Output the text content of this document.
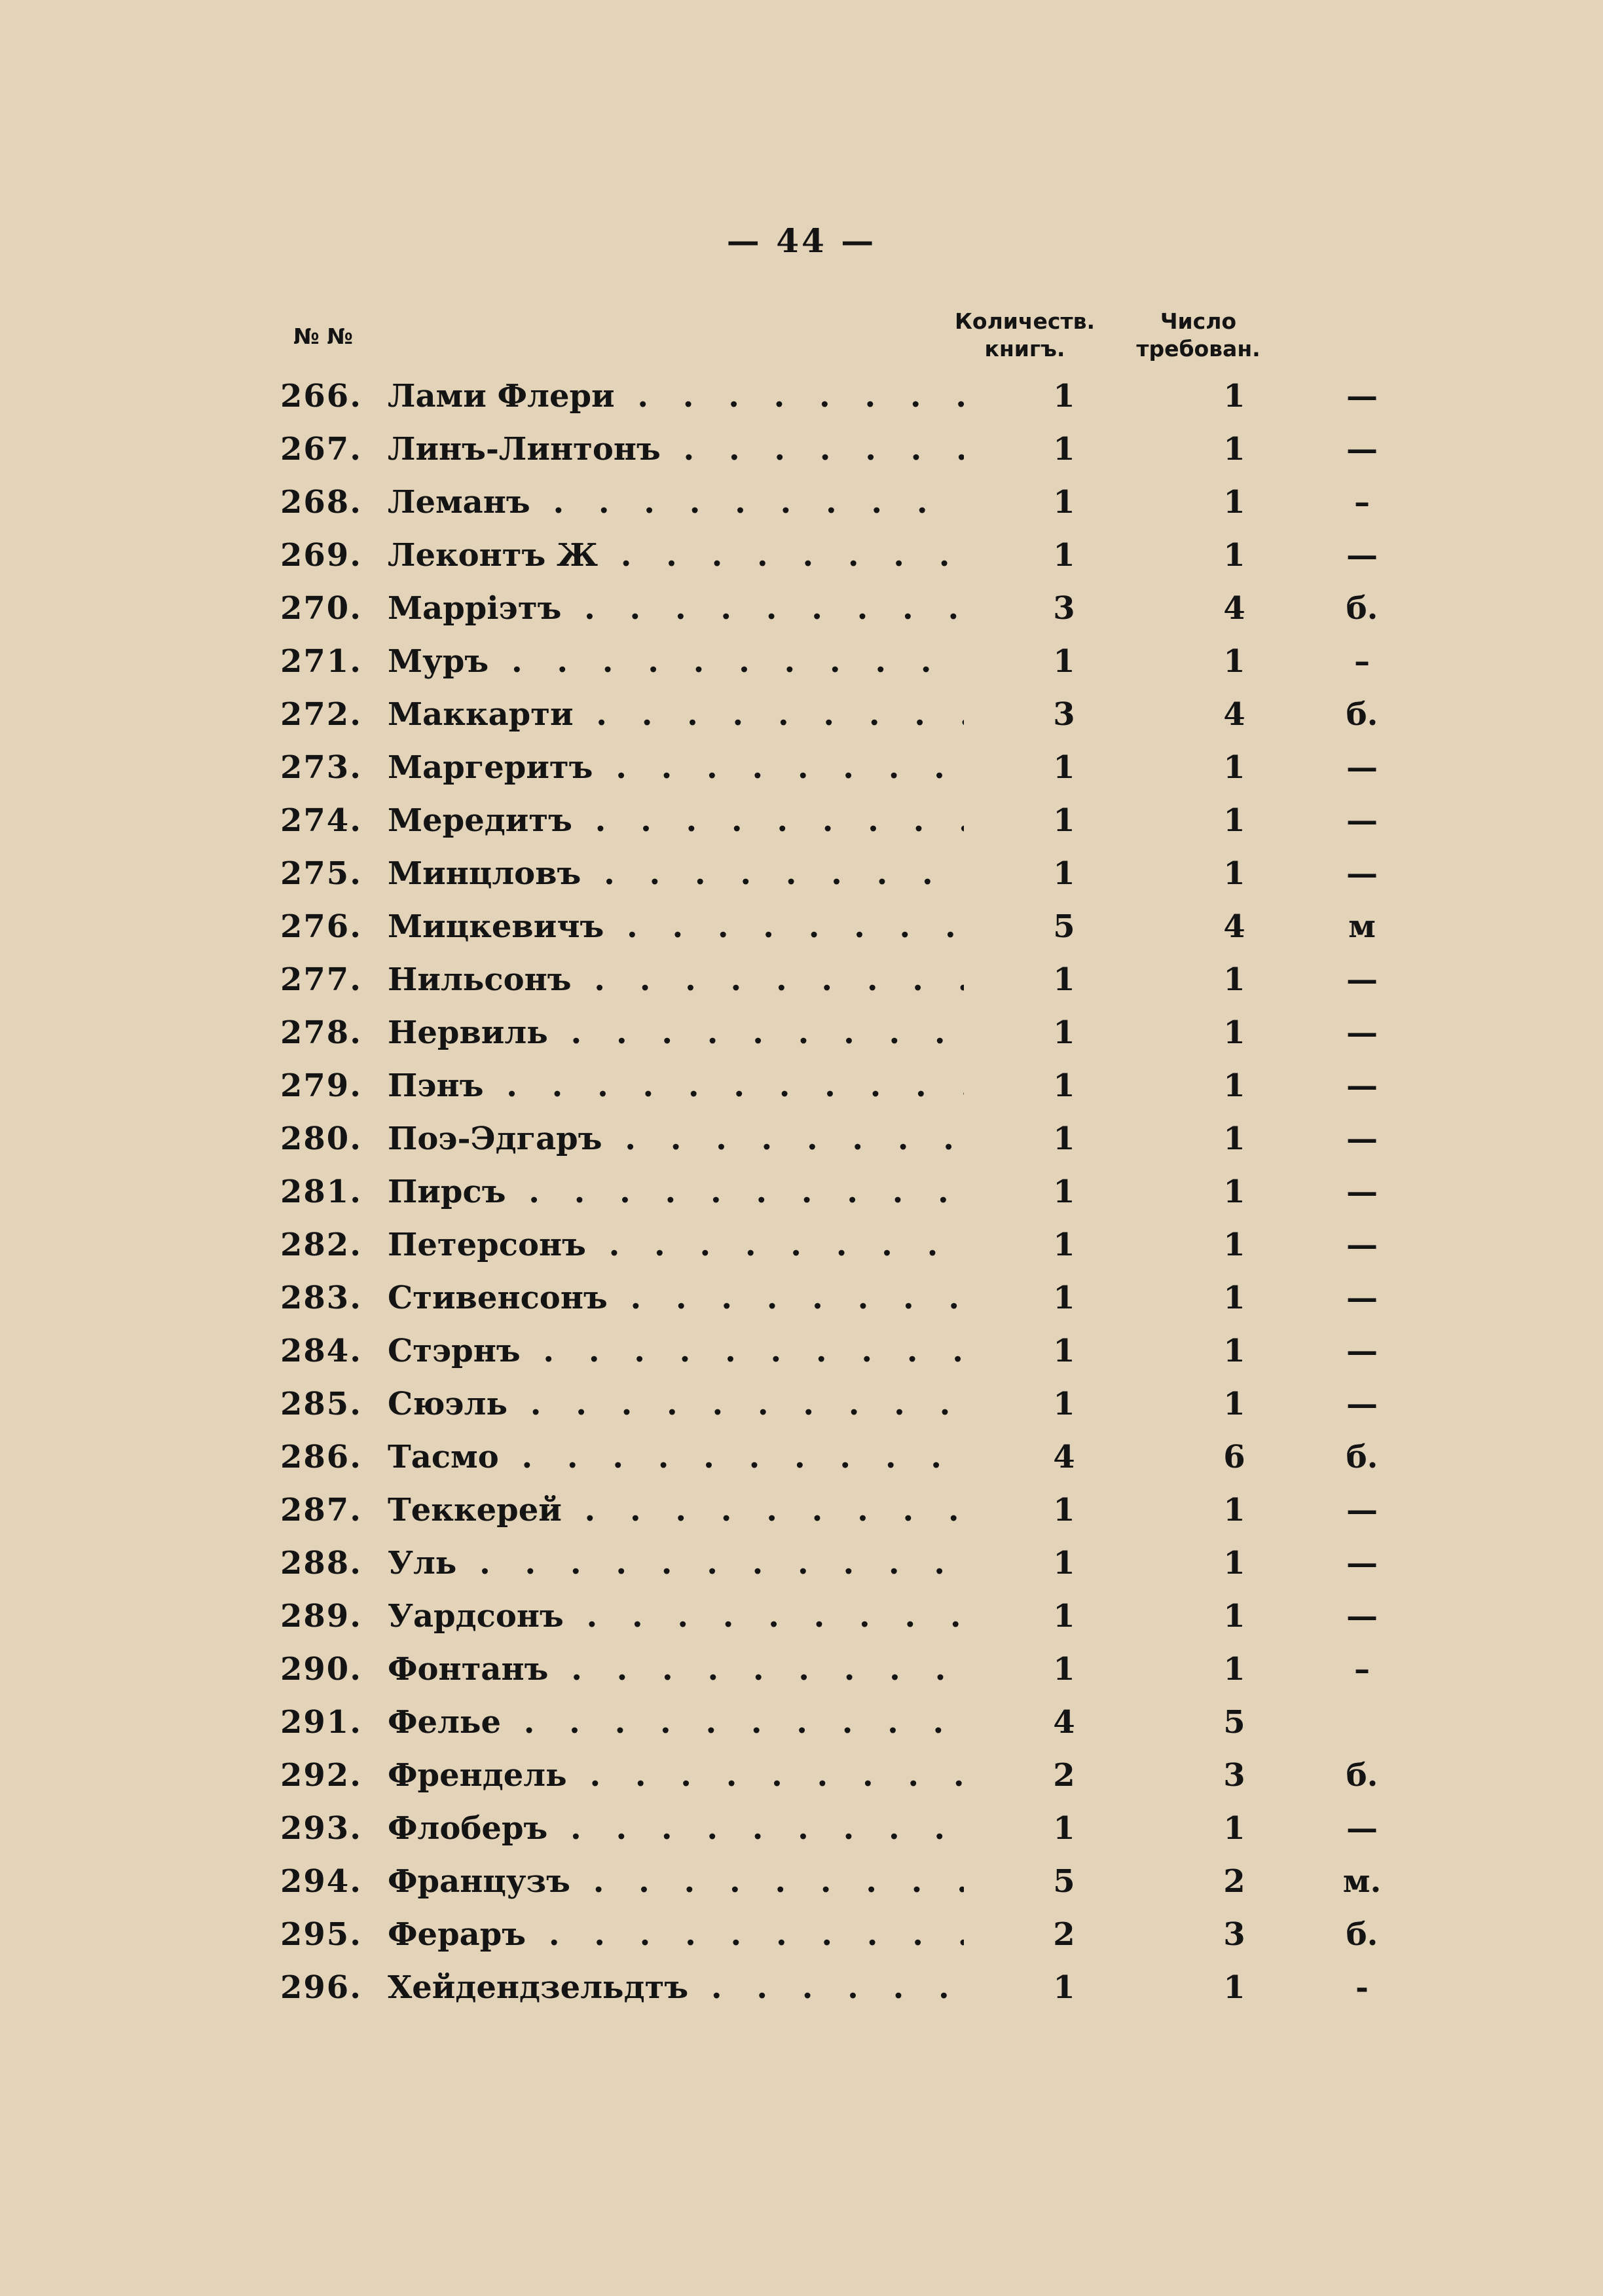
— 44 —
№ №
Количеств.
книгъ.
Число
требован.
266. Лами Флери . . .	1	1	—
267. Линъ-Линтонъ . . .	1	1	—
268. Леманъ . . .	1	1	–
269. Леконтъ Ж . . .	1	1	—
270. Марріэтъ . . .	3	4	б.
271. Муръ . . .	1	1	–
272. Маккарти . . .	3	4	б.
273. Маргеритъ . . .	1	1	—
274. Мередитъ . . .	1	1	—
275. Минцловъ . . .	1	1	—
276. Мицкевичъ . . .	5	4	м
277. Нильсонъ . . .	1	1	—
278. Нервиль . . .	1	1	—
279. Пэнъ . . .	1	1	—
280. Поэ-Эдгаръ . . .	1	1	—
281. Пирсъ . . .	1	1	—
282. Петерсонъ . . .	1	1	—
283. Стивенсонъ . . .	1	1	—
284. Стэрнъ . . .	1	1	—
285. Сюэль . . .	1	1	—
286. Тасмо . . .	4	6	б.
287. Теккерей . . .	1	1	—
288. Уль . . .	1	1	—
289. Уардсонъ . . .	1	1	—
290. Фонтанъ . . .	1	1	–
291. Фелье . . .	4	5
292. Френдель . . .	2	3	б.
293. Флоберъ . . .	1	1	—
294. Французъ . . .	5	2	м.
295. Ферaръ . . .	2	3	б.
296. Хейдендзельдтъ . . .	1	1	-
